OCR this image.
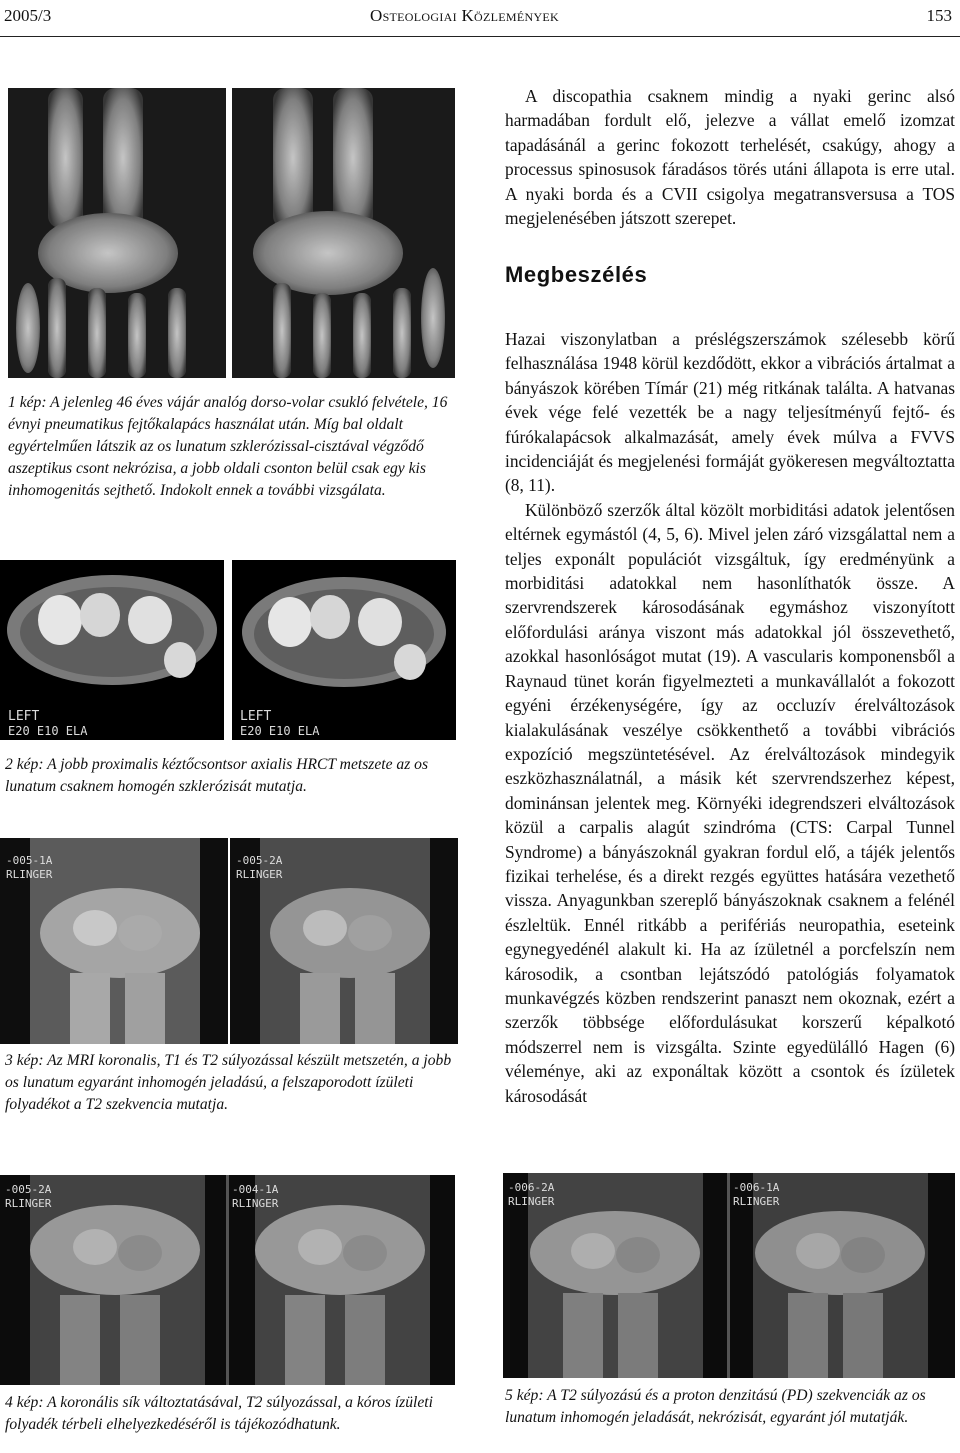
2005/3	Osteologiai Közlemények	153

1 kép: A jelenleg 46 éves vájár analóg dorso-volar csukló felvétele, 16 évnyi pneumatikus fejtőkalapács használat után. Míg bal oldalt egyértelműen látszik az os lunatum szklerózissal-cisztával végződő aszeptikus csont nekrózisa, a jobb oldali csonton belül csak egy kis inhomogenitás sejthető. Indokolt ennek a további vizsgálata.

LEFT
E20 E10 ELA
LEFT
E20 E10 ELA

2 kép: A jobb proximalis kéztőcsontsor axialis HRCT metszete az os lunatum csaknem homogén szklerózisát mutatja.

-005-1A
RLINGER
-005-2A
RLINGER

3 kép: Az MRI koronalis, T1 és T2 súlyozással készült metszetén, a jobb os lunatum egyaránt inhomogén jeladású, a felszaporodott ízületi folyadékot a T2 szekvencia mutatja.

A discopathia csaknem mindig a nyaki gerinc alsó harmadában fordult elő, jelezve a vállat emelő izomzat tapadásánál a gerinc fokozott terhelését, csakúgy, ahogy a processus spinosusok fáradásos törés utáni állapota is erre utal. A nyaki borda és a CVII csigolya megatransversusa a TOS megjelenésében játszott szerepet.

Megbeszélés

Hazai viszonylatban a préslégszerszámok szélesebb körű felhasználása 1948 körül kezdődött, ekkor a vibrációs ártalmat a bányászok körében Tímár (21) még ritkának találta. A hatvanas évek vége felé vezették be a nagy teljesítményű fejtő- és fúrókalapácsok alkalmazását, amely évek múlva a FVVS incidenciáját és megjelenési formáját gyökeresen megváltoztatta (8, 11).

Különböző szerzők által közölt morbiditási adatok jelentősen eltérnek egymástól (4, 5, 6). Mivel jelen záró vizsgálattal nem a teljes exponált populációt vizsgáltuk, így eredményünk a morbiditási adatokkal nem hasonlíthatók össze. A szervrendszerek károsodásának egymáshoz viszonyított előfordulási aránya viszont más adatokkal jól összevethető, azokkal hasonlóságot mutat (19). A vascularis komponensből a Raynaud tünet korán figyelmezteti a munkavállalót a fokozott egyéni érzékenységére, így az occluzív érelváltozások kialakulásának veszélye csökkenthető a további vibrációs expozíció megszüntetésével. Az érelváltozások mindegyik eszközhasználatnál, a másik két szervrendszerhez képest, dominánsan jelentek meg. Környéki idegrendszeri elváltozások közül a carpalis alagút szindróma (CTS: Carpal Tunnel Syndrome) a bányászoknál gyakran fordul elő, a tájék jelentős fizikai terhelése, és a direkt rezgés együttes hatására vezethető vissza. Anyagunkban szereplő bányászoknak csaknem a felénél észleltük. Ennél ritkább a perifériás neuropathia, eseteink egynegyedénél alakult ki. Ha az ízületnél a porcfelszín nem károsodik, a csontban lejátszódó patológiás folyamatok munkavégzés közben rendszerint panaszt nem okoznak, ezért a szerzők többsége előfordulásukat korszerű képalkotó módszerrel nem is vizsgálta. Szinte egyedülálló Hagen (6) véleménye, aki az exponáltak között a csontok és ízületek károsodását

-005-2A
RLINGER
-004-1A
RLINGER

4 kép: A koronális sík változtatásával, T2 súlyozással, a kóros ízületi folyadék térbeli elhelyezkedéséről is tájékozódhatunk.

-006-2A
RLINGER
-006-1A
RLINGER

5 kép: A T2 súlyozású és a proton denzitású (PD) szekvenciák az os lunatum inhomogén jeladását, nekrózisát, egyaránt jól mutatják.
